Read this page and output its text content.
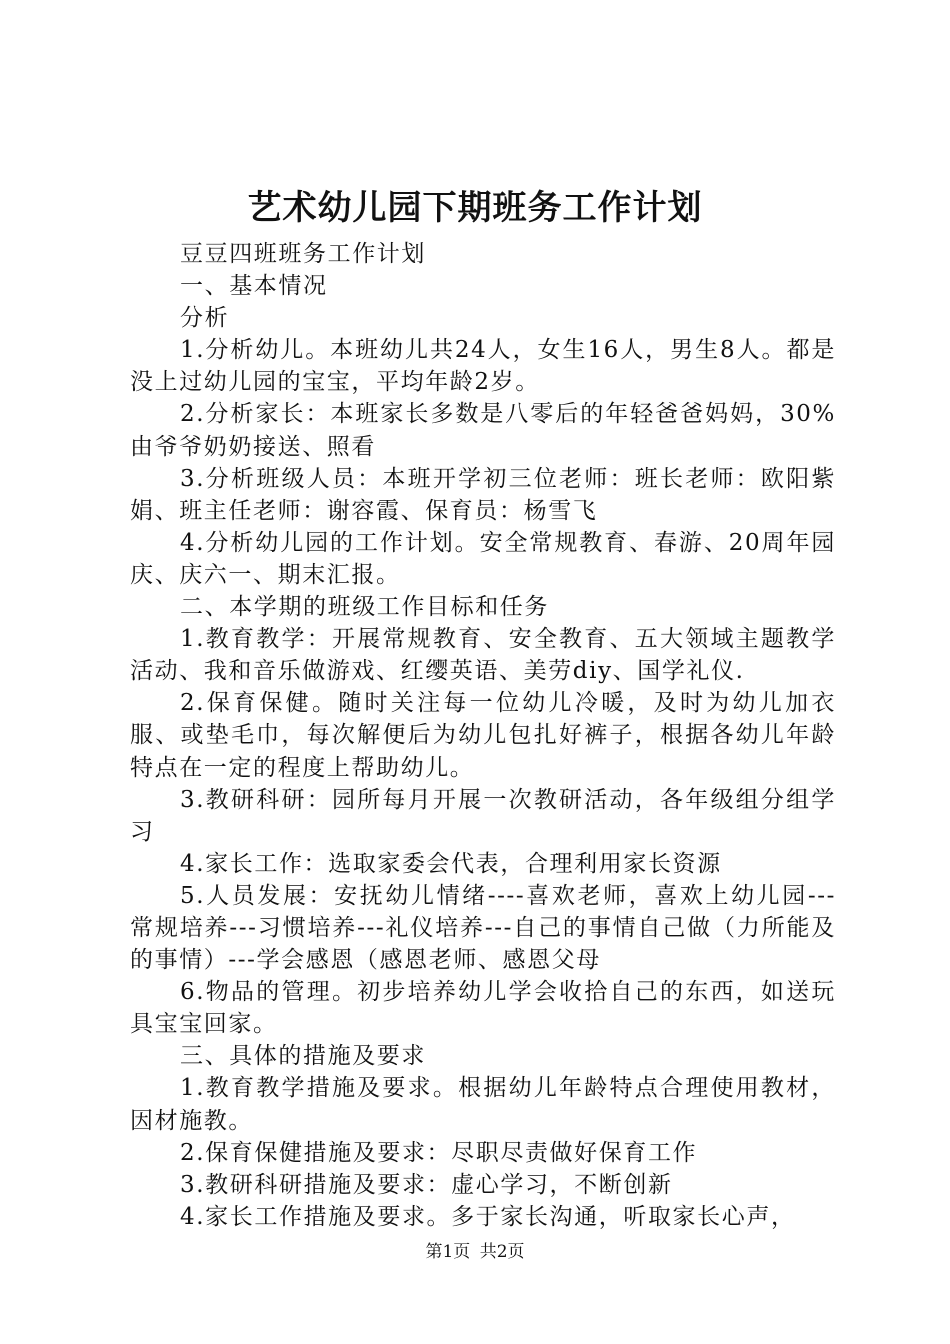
艺术幼儿园下期班务工作计划

豆豆四班班务工作计划

一、基本情况

分析

1.分析幼儿。本班幼儿共24人，女生16人，男生8人。都是没上过幼儿园的宝宝，平均年龄2岁。

2.分析家长：本班家长多数是八零后的年轻爸爸妈妈，30%由爷爷奶奶接送、照看

3.分析班级人员：本班开学初三位老师：班长老师：欧阳紫娟、班主任老师：谢容霞、保育员：杨雪飞

4.分析幼儿园的工作计划。安全常规教育、春游、20周年园庆、庆六一、期末汇报。

二、本学期的班级工作目标和任务

1.教育教学：开展常规教育、安全教育、五大领域主题教学活动、我和音乐做游戏、红缨英语、美劳diy、国学礼仪.

2.保育保健。随时关注每一位幼儿冷暖，及时为幼儿加衣服、或垫毛巾，每次解便后为幼儿包扎好裤子，根据各幼儿年龄特点在一定的程度上帮助幼儿。

3.教研科研：园所每月开展一次教研活动，各年级组分组学习

4.家长工作：选取家委会代表，合理利用家长资源

5.人员发展：安抚幼儿情绪----喜欢老师，喜欢上幼儿园---常规培养---习惯培养---礼仪培养---自己的事情自己做（力所能及的事情）---学会感恩（感恩老师、感恩父母

6.物品的管理。初步培养幼儿学会收拾自己的东西，如送玩具宝宝回家。

三、具体的措施及要求

1.教育教学措施及要求。根据幼儿年龄特点合理使用教材，因材施教。

2.保育保健措施及要求：尽职尽责做好保育工作

3.教研科研措施及要求：虚心学习，不断创新

4.家长工作措施及要求。多于家长沟通，听取家长心声，

第1页 共2页
